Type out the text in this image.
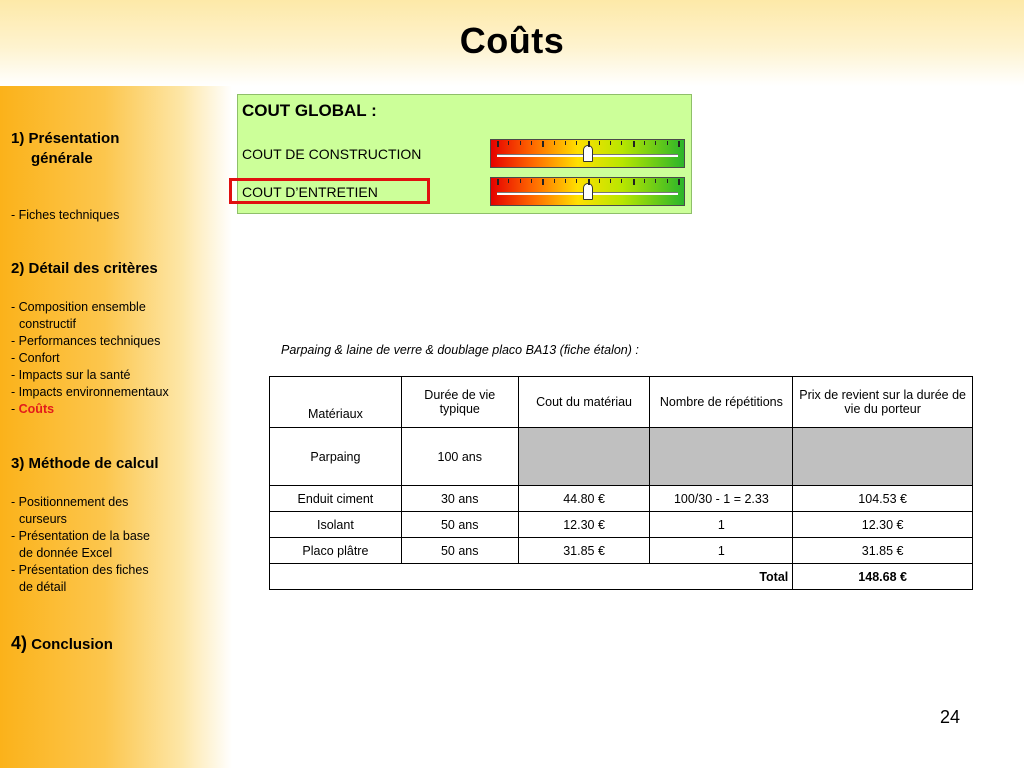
Coûts
1) Présentation
générale
- Fiches techniques
2) Détail des critères
- Composition ensemble
constructif
- Performances techniques
- Confort
- Impacts sur la santé
- Impacts environnementaux
- Coûts
3) Méthode de calcul
- Positionnement des
curseurs
- Présentation de la base
de donnée Excel
- Présentation des fiches
de détail
4) Conclusion
COUT GLOBAL :
COUT DE CONSTRUCTION
COUT D’ENTRETIEN
Parpaing & laine de verre & doublage placo BA13 (fiche étalon) :
Matériaux	Durée de vie typique	Cout du matériau	Nombre de répétitions	Prix de revient sur la durée de vie du porteur
Parpaing	100 ans			
Enduit ciment	30 ans	44.80 €	100/30 - 1 = 2.33	104.53 €
Isolant	50 ans	12.30 €	1	12.30 €
Placo plâtre	50 ans	31.85 €	1	31.85 €
Total				148.68 €
24
